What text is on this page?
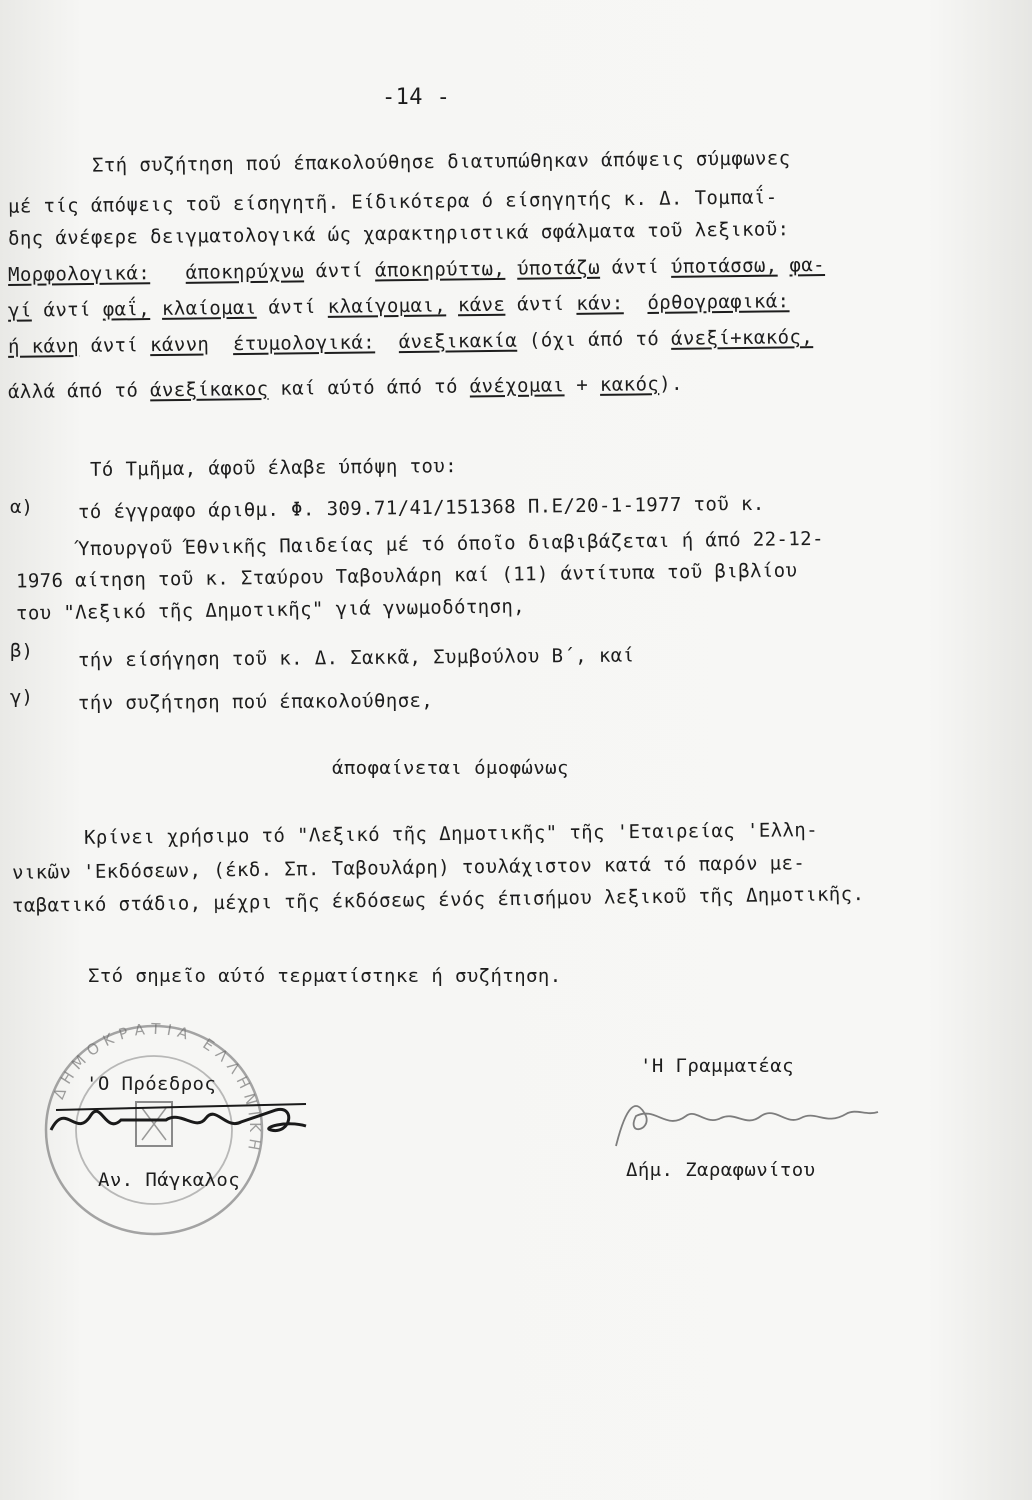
-14 -
Στή συζήτηση πού έπακολούθησε διατυπώθηκαν άπόψεις σύμφωνες
μέ τίς άπόψεις τοῦ είσηγητῆ. Είδικότερα ό είσηγητής κ. Δ. Τομπαΐ-
δης άνέφερε δειγματολογικά ώς χαρακτηριστικά σφάλματα τοῦ λεξικοῦ:
Μορφολογικά: άποκηρύχνω άντί άποκηρύττω, ύποτάζω άντί ύποτάσσω, φα-
γί άντί φαΐ, κλαίομαι άντί κλαίγομαι, κάνε άντί κάν: όρθογραφικά:
ή κάνη άντί κάννη έτυμολογικά: άνεξικακία (όχι άπό τό άνεξί+κακός,
άλλά άπό τό άνεξίκακος καί αύτό άπό τό άνέχομαι + κακός).
Τό Τμῆμα, άφοῦ έλαβε ύπόψη του:
α) τό έγγραφο άριθμ. Φ. 309.71/41/151368 Π.Ε/20-1-1977 τοῦ κ.
Ύπουργοῦ Έθνικῆς Παιδείας μέ τό όποῖο διαβιβάζεται ή άπό 22-12-
1976 αίτηση τοῦ κ. Σταύρου Ταβουλάρη καί (11) άντίτυπα τοῦ βιβλίου
του "Λεξικό τῆς Δημοτικῆς" γιά γνωμοδότηση,
β) τήν είσήγηση τοῦ κ. Δ. Σακκᾶ, Συμβούλου Β΄, καί
γ) τήν συζήτηση πού έπακολούθησε,
άποφαίνεται όμοφώνως
Κρίνει χρήσιμο τό "Λεξικό τῆς Δημοτικῆς" τῆς 'Εταιρείας 'Ελλη-
νικῶν 'Εκδόσεων, (έκδ. Σπ. Ταβουλάρη) τουλάχιστον κατά τό παρόν με-
ταβατικό στάδιο, μέχρι τῆς έκδόσεως ένός έπισήμου λεξικοῦ τῆς Δημοτικῆς.
Στό σημεῖο αύτό τερματίστηκε ή συζήτηση.
ΔΗΜΟΚΡΑΤΙΑ ΕΛΛΗΝΙΚΗ
'Ο Πρόεδρος
Αν. Πάγκαλος
'Η Γραμματέας
Δήμ. Ζαραφωνίτου
